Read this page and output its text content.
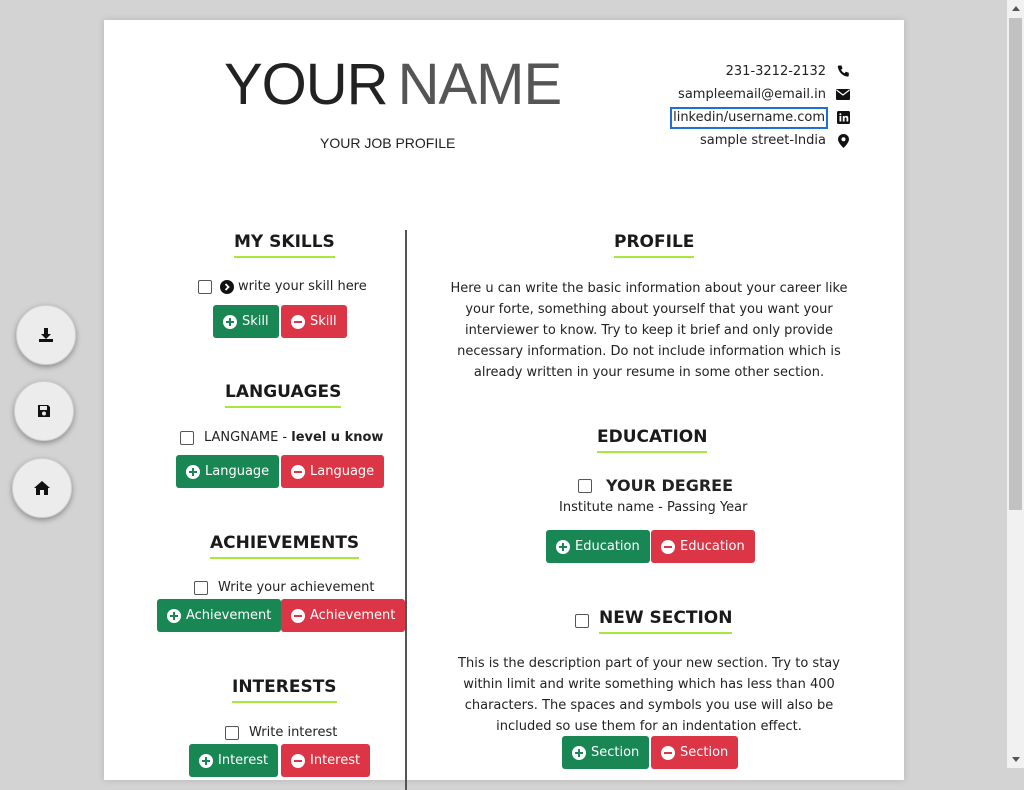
YOUR NAME
YOUR JOB PROFILE
231-3212-2132
sampleemail@email.in
linkedin/username.com
sample street-India
MY SKILLS
write your skill here
Skill	Skill
LANGUAGES
LANGNAME - level u know
Language	Language
ACHIEVEMENTS
Write your achievement
Achievement	Achievement
INTERESTS
Write interest
Interest	Interest
PROFILE
Here u can write the basic information about your career like your forte, something about yourself that you want your interviewer to know. Try to keep it brief and only provide necessary information. Do not include information which is already written in your resume in some other section.
EDUCATION
YOUR DEGREE
Institute name - Passing Year
Education	Education
NEW SECTION
This is the description part of your new section. Try to stay within limit and write something which has less than 400 characters. The spaces and symbols you use will also be included so use them for an indentation effect.
Section	Section
